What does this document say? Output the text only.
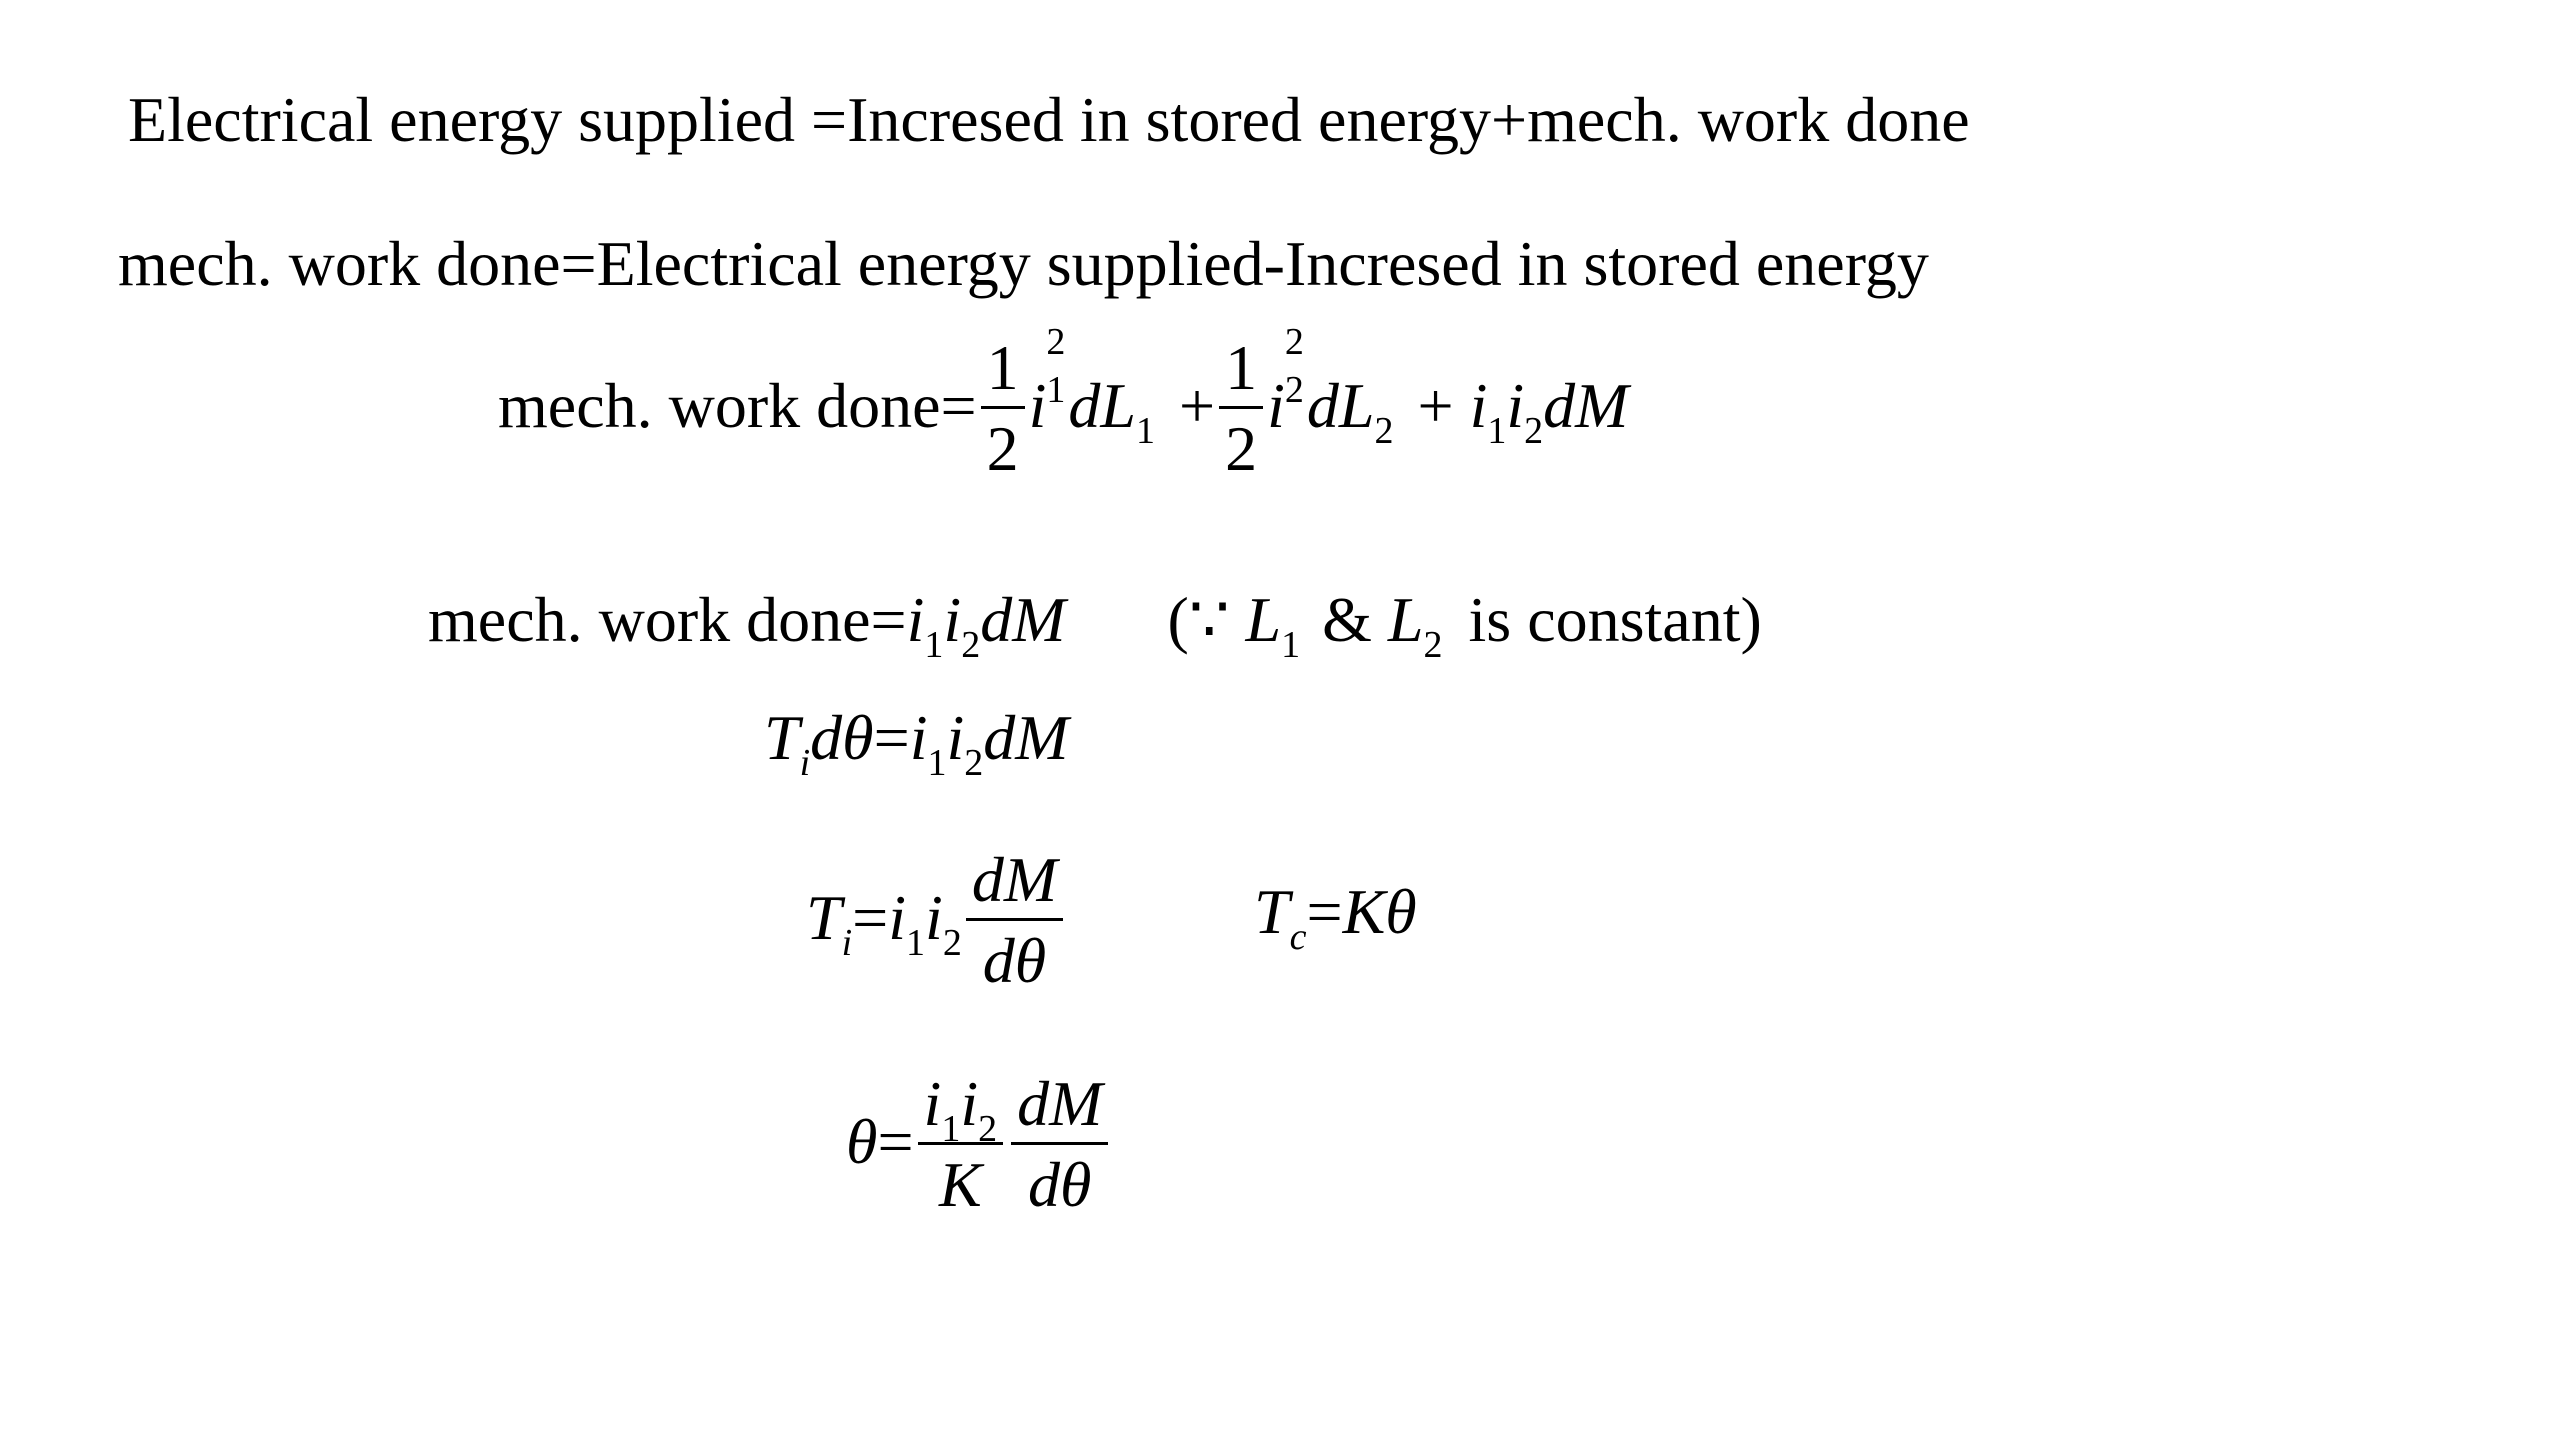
Electrical energy supplied =Incresed in stored energy+mech. work done
mech. work done=Electrical energy supplied-Incresed in stored energy
mech. work done= $\frac{1}{2}$ i
2
1 $dL_1 + \frac{1}{2}$ i
2
2 $dL_2 + i_1i_2dM$
mech. work $done=i_1i_2dM$ (∵ $L_1$ & $L_2$ is constant)
$T_id\theta=i_1i_2dM$
$T_i=i_1i_2 \frac{dM}{d\theta}$	$T_c=K\theta$
$\theta= \frac{i_1i_2}{K} \frac{dM}{d\theta}$
